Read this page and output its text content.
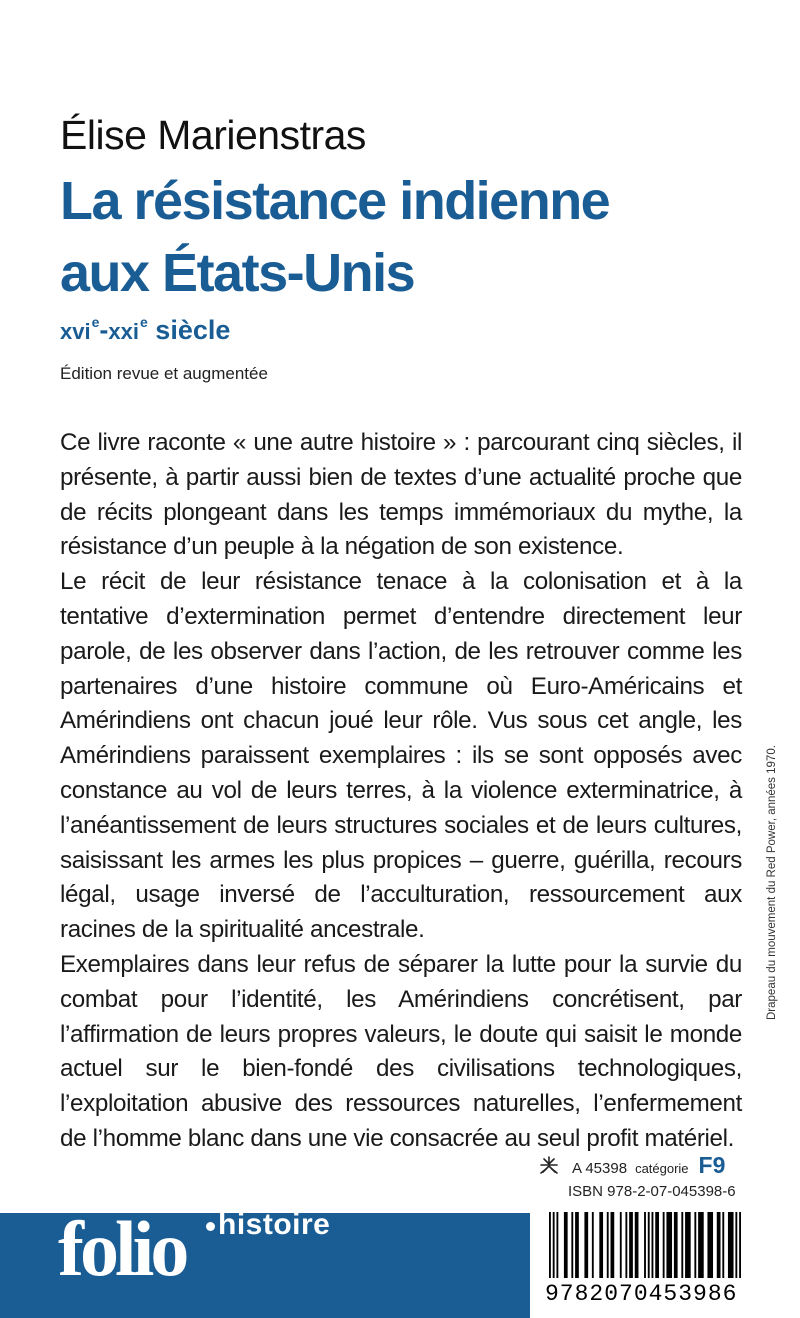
Élise Marienstras
La résistance indienne
aux États-Unis
xvi$^e$-xxi$^e$ siècle
Édition revue et augmentée

Ce livre raconte « une autre histoire » : parcourant cinq siècles, il présente, à partir aussi bien de textes d’une actualité proche que de récits plongeant dans les temps immémoriaux du mythe, la résistance d’un peuple à la négation de son existence.

Le récit de leur résistance tenace à la colonisation et à la tentative d’extermination permet d’entendre directement leur parole, de les observer dans l’action, de les retrouver comme les partenaires d’une histoire commune où Euro-Américains et Amérindiens ont chacun joué leur rôle. Vus sous cet angle, les Amérindiens paraissent exemplaires : ils se sont opposés avec constance au vol de leurs terres, à la violence exterminatrice, à l’anéantissement de leurs structures sociales et de leurs cultures, saisissant les armes les plus propices – guerre, guérilla, recours légal, usage inversé de l’acculturation, ressourcement aux racines de la spiritualité ancestrale.

Exemplaires dans leur refus de séparer la lutte pour la survie du combat pour l’identité, les Amérindiens concrétisent, par l’affirmation de leurs propres valeurs, le doute qui saisit le monde actuel sur le bien-fondé des civilisations technologiques, l’exploitation abusive des ressources naturelles, l’enfermement de l’homme blanc dans une vie consacrée au seul profit matériel.

Drapeau du mouvement du Red Power, années 1970.
A 45398 catégorie F9
ISBN 978-2-07-045398-6
folio histoire
9782070453986
